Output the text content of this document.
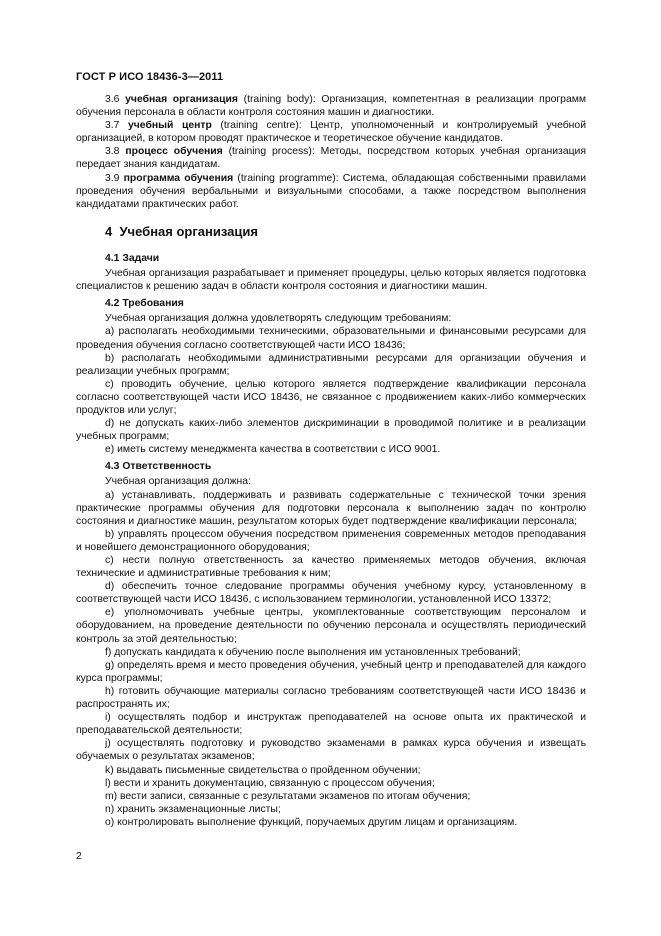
ГОСТ Р ИСО 18436-3—2011

3.6 учебная организация (training body): Организация, компетентная в реализации программ обучения персонала в области контроля состояния машин и диагностики.

3.7 учебный центр (training centre): Центр, уполномоченный и контролируемый учебной организацией, в котором проводят практическое и теоретическое обучение кандидатов.

3.8 процесс обучения (training process): Методы, посредством которых учебная организация передает знания кандидатам.

3.9 программа обучения (training programme): Система, обладающая собственными правилами проведения обучения вербальными и визуальными способами, а также посредством выполнения кандидатами практических работ.

4 Учебная организация
4.1 Задачи

Учебная организация разрабатывает и применяет процедуры, целью которых является подготовка специалистов к решению задач в области контроля состояния и диагностики машин.

4.2 Требования

Учебная организация должна удовлетворять следующим требованиям:

a) располагать необходимыми техническими, образовательными и финансовыми ресурсами для проведения обучения согласно соответствующей части ИСО 18436;

b) располагать необходимыми административными ресурсами для организации обучения и реализации учебных программ;

c) проводить обучение, целью которого является подтверждение квалификации персонала согласно соответствующей части ИСО 18436, не связанное с продвижением каких-либо коммерческих продуктов или услуг;

d) не допускать каких-либо элементов дискриминации в проводимой политике и в реализации учебных программ;

e) иметь систему менеджмента качества в соответствии с ИСО 9001.

4.3 Ответственность

Учебная организация должна:

a) устанавливать, поддерживать и развивать содержательные с технической точки зрения практические программы обучения для подготовки персонала к выполнению задач по контролю состояния и диагностике машин, результатом которых будет подтверждение квалификации персонала;

b) управлять процессом обучения посредством применения современных методов преподавания и новейшего демонстрационного оборудования;

c) нести полную ответственность за качество применяемых методов обучения, включая технические и административные требования к ним;

d) обеспечить точное следование программы обучения учебному курсу, установленному в соответствующей части ИСО 18436, с использованием терминологии, установленной ИСО 13372;

e) уполномочивать учебные центры, укомплектованные соответствующим персоналом и оборудованием, на проведение деятельности по обучению персонала и осуществлять периодический контроль за этой деятельностью;

f) допускать кандидата к обучению после выполнения им установленных требований;

g) определять время и место проведения обучения, учебный центр и преподавателей для каждого курса программы;

h) готовить обучающие материалы согласно требованиям соответствующей части ИСО 18436 и распространять их;

i) осуществлять подбор и инструктаж преподавателей на основе опыта их практической и преподавательской деятельности;

j) осуществлять подготовку и руководство экзаменами в рамках курса обучения и извещать обучаемых о результатах экзаменов;

k) выдавать письменные свидетельства о пройденном обучении;

l) вести и хранить документацию, связанную с процессом обучения;

m) вести записи, связанные с результатами экзаменов по итогам обучения;

n) хранить экзаменационные листы;

o) контролировать выполнение функций, поручаемых другим лицам и организациям.

2
